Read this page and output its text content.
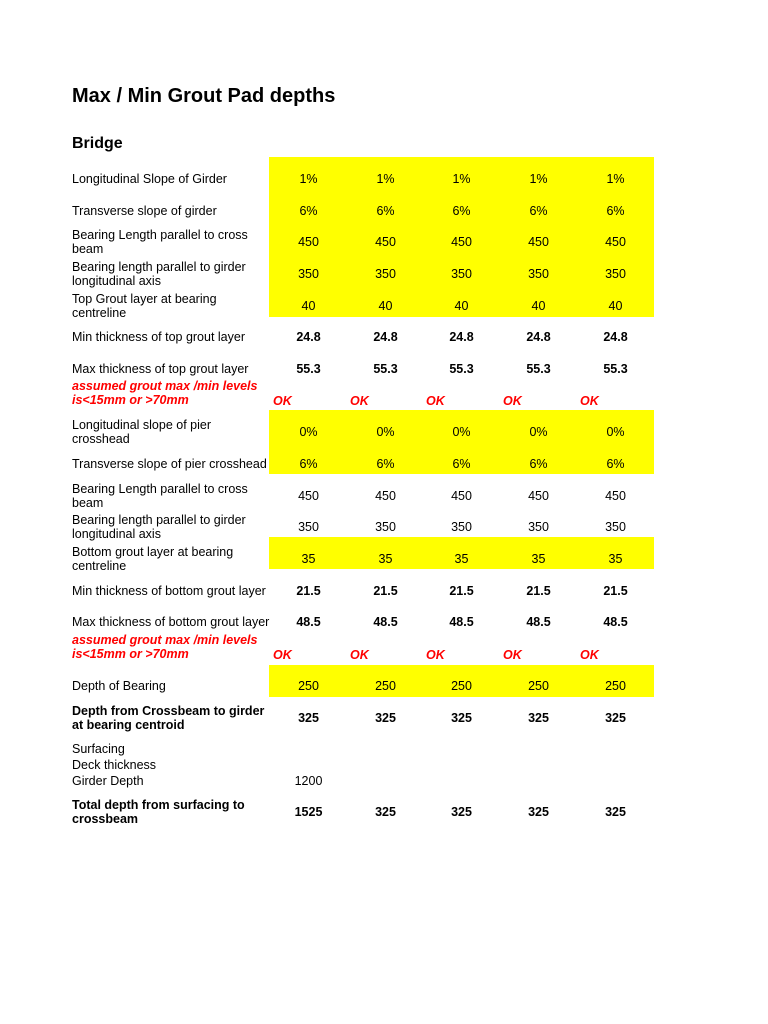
Max / Min Grout Pad depths
Bridge
Longitudinal Slope of Girder	1%	1%	1%	1%	1%
Transverse slope of girder	6%	6%	6%	6%	6%
Bearing Length parallel to cross beam	450	450	450	450	450
Bearing length parallel to girder longitudinal axis	350	350	350	350	350
Top Grout layer at bearing centreline	40	40	40	40	40
Min thickness of top grout layer	24.8	24.8	24.8	24.8	24.8
Max thickness of top grout layer	55.3	55.3	55.3	55.3	55.3
assumed grout max /min levels is<15mm or >70mm	OK	OK	OK	OK	OK
Longitudinal slope of pier crosshead	0%	0%	0%	0%	0%
Transverse slope of pier crosshead	6%	6%	6%	6%	6%
Bearing Length parallel to cross beam	450	450	450	450	450
Bearing length parallel to girder longitudinal axis	350	350	350	350	350
Bottom grout layer at bearing centreline	35	35	35	35	35
Min thickness of bottom grout layer	21.5	21.5	21.5	21.5	21.5
Max thickness of bottom grout layer	48.5	48.5	48.5	48.5	48.5
assumed grout max /min levels is<15mm or >70mm	OK	OK	OK	OK	OK
Depth of Bearing	250	250	250	250	250
Depth from Crossbeam to girder at bearing centroid	325	325	325	325	325
Surfacing
Deck thickness
Girder Depth	1200
Total depth from surfacing to crossbeam	1525	325	325	325	325
